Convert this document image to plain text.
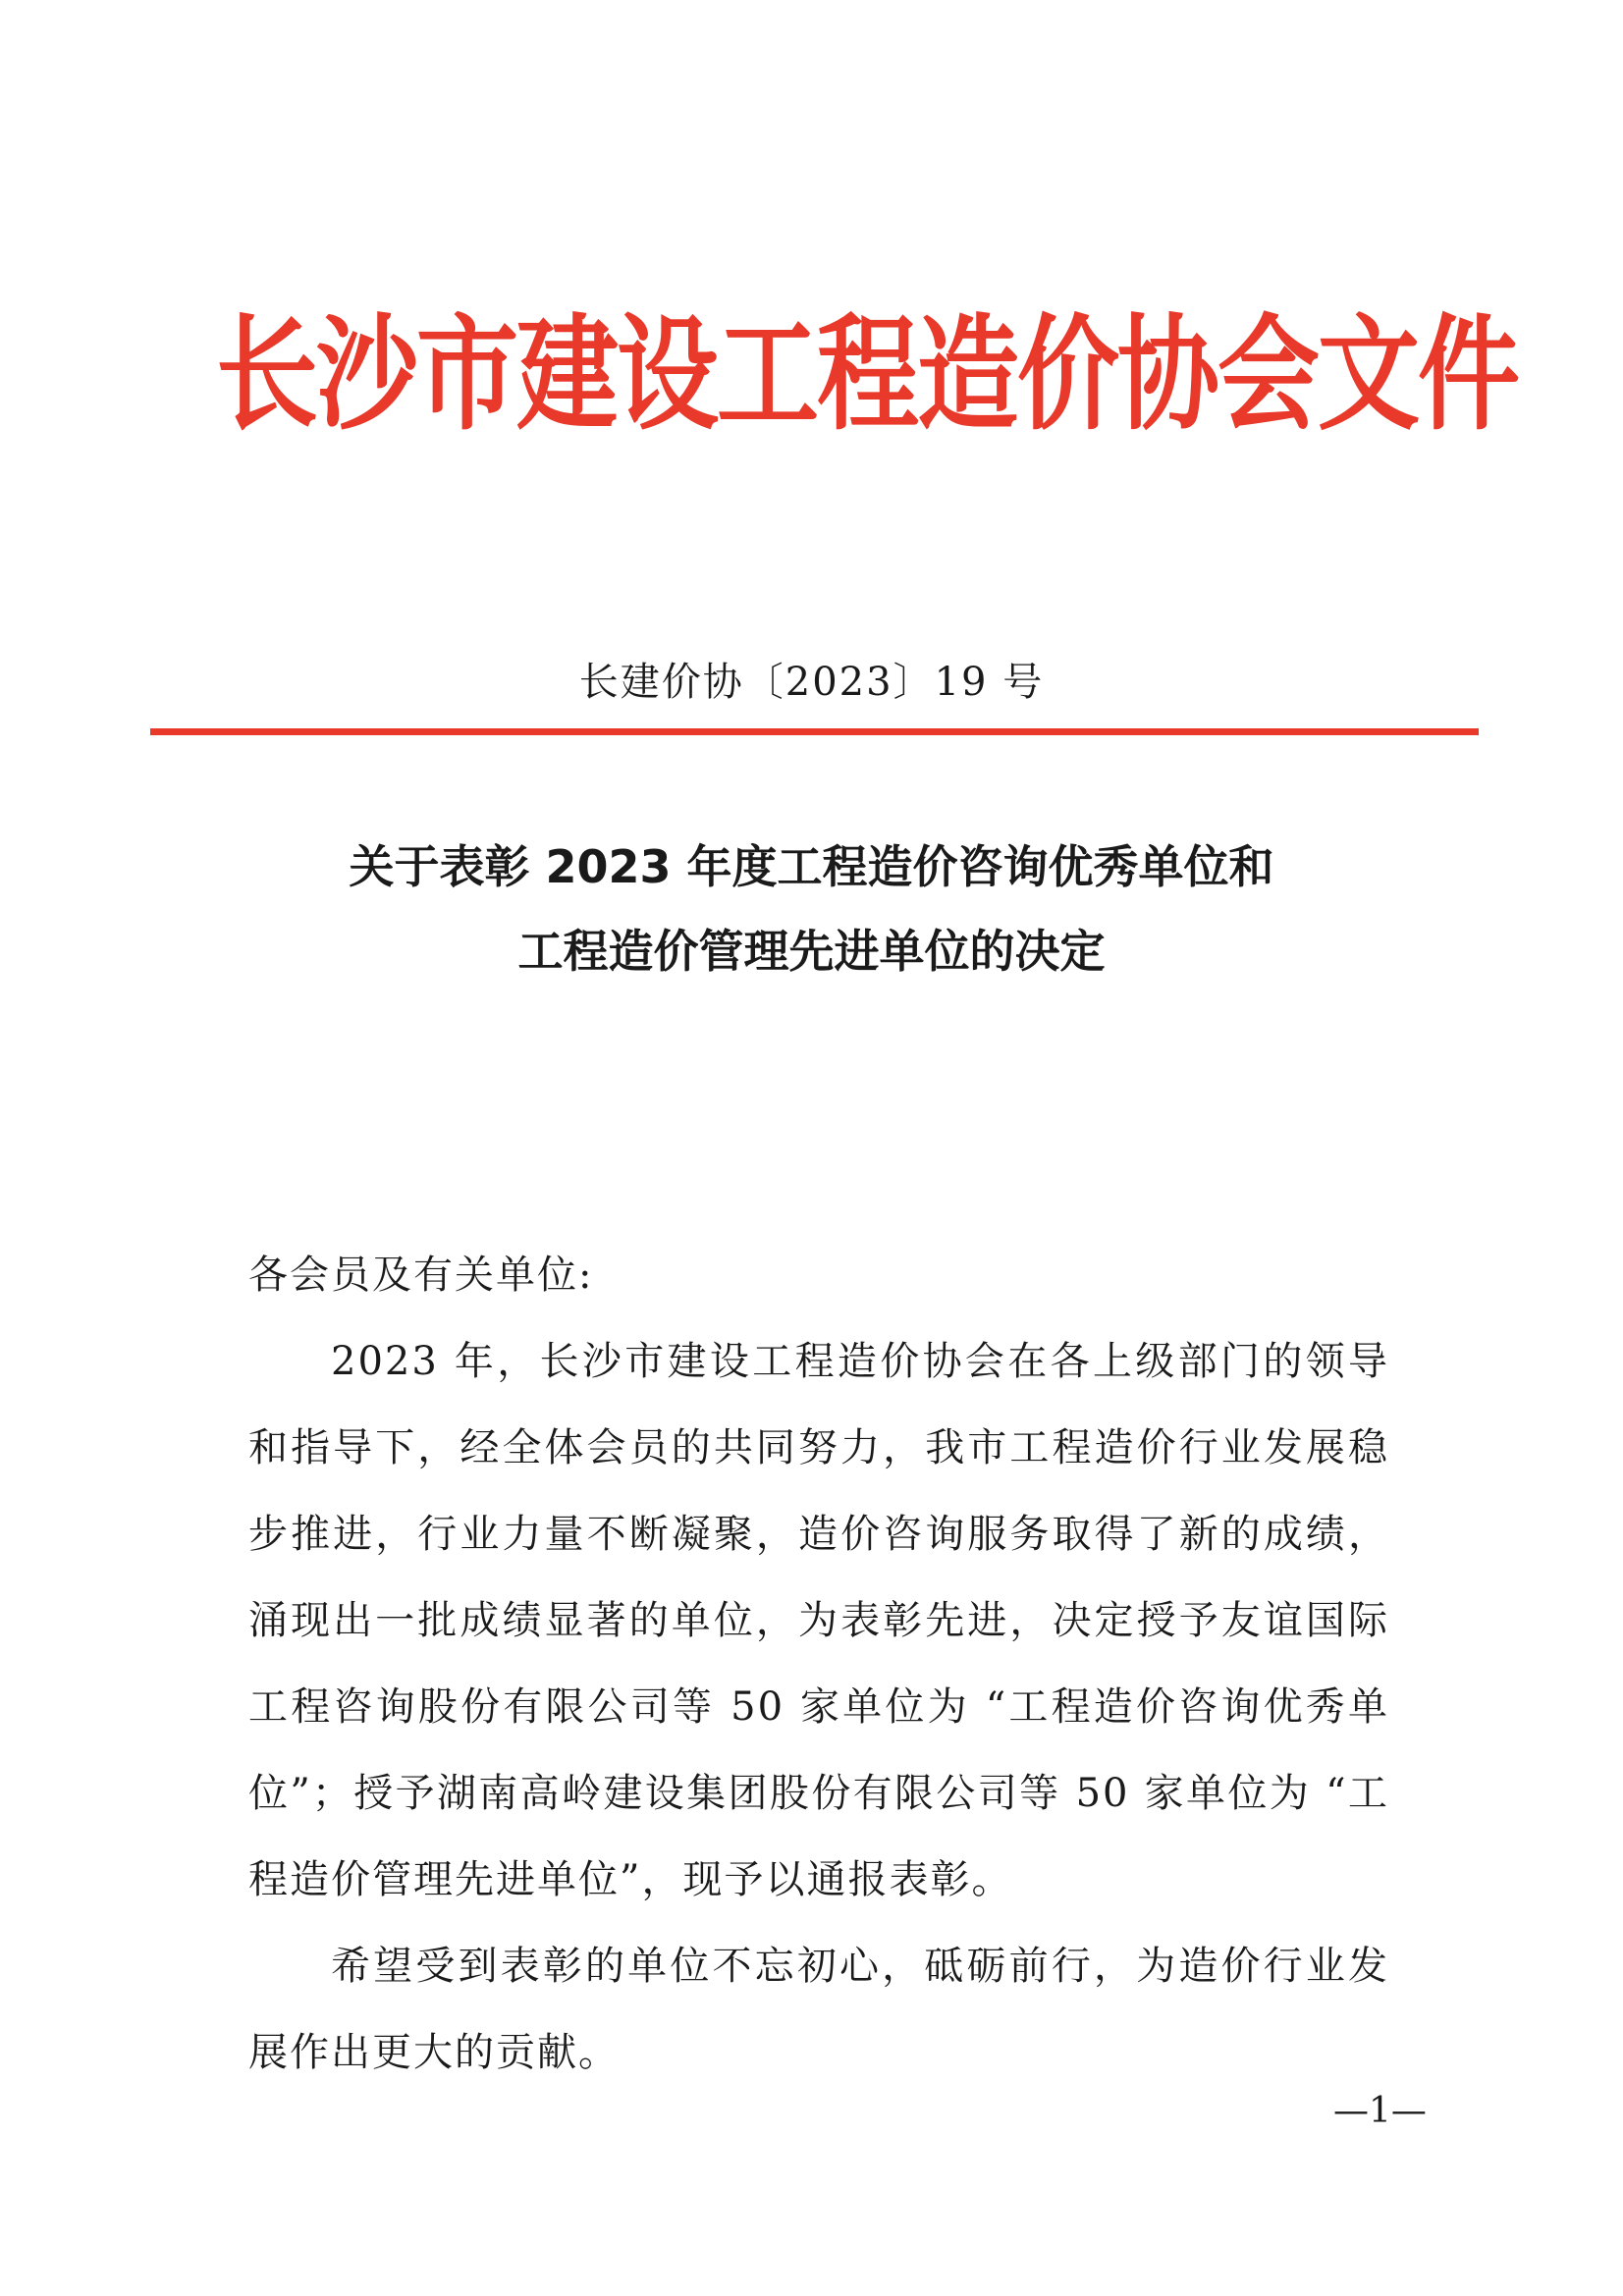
长沙市建设工程造价协会文件
长建价协〔2023〕19 号
关于表彰 2023 年度工程造价咨询优秀单位和
工程造价管理先进单位的决定

各会员及有关单位:

2023 年，长沙市建设工程造价协会在各上级部门的领导和指导下，经全体会员的共同努力，我市工程造价行业发展稳步推进，行业力量不断凝聚，造价咨询服务取得了新的成绩，涌现出一批成绩显著的单位，为表彰先进，决定授予友谊国际工程咨询股份有限公司等 50 家单位为 “工程造价咨询优秀单位”；授予湖南高岭建设集团股份有限公司等 50 家单位为 “工程造价管理先进单位”，现予以通报表彰。

希望受到表彰的单位不忘初心，砥砺前行，为造价行业发展作出更大的贡献。

—1—
